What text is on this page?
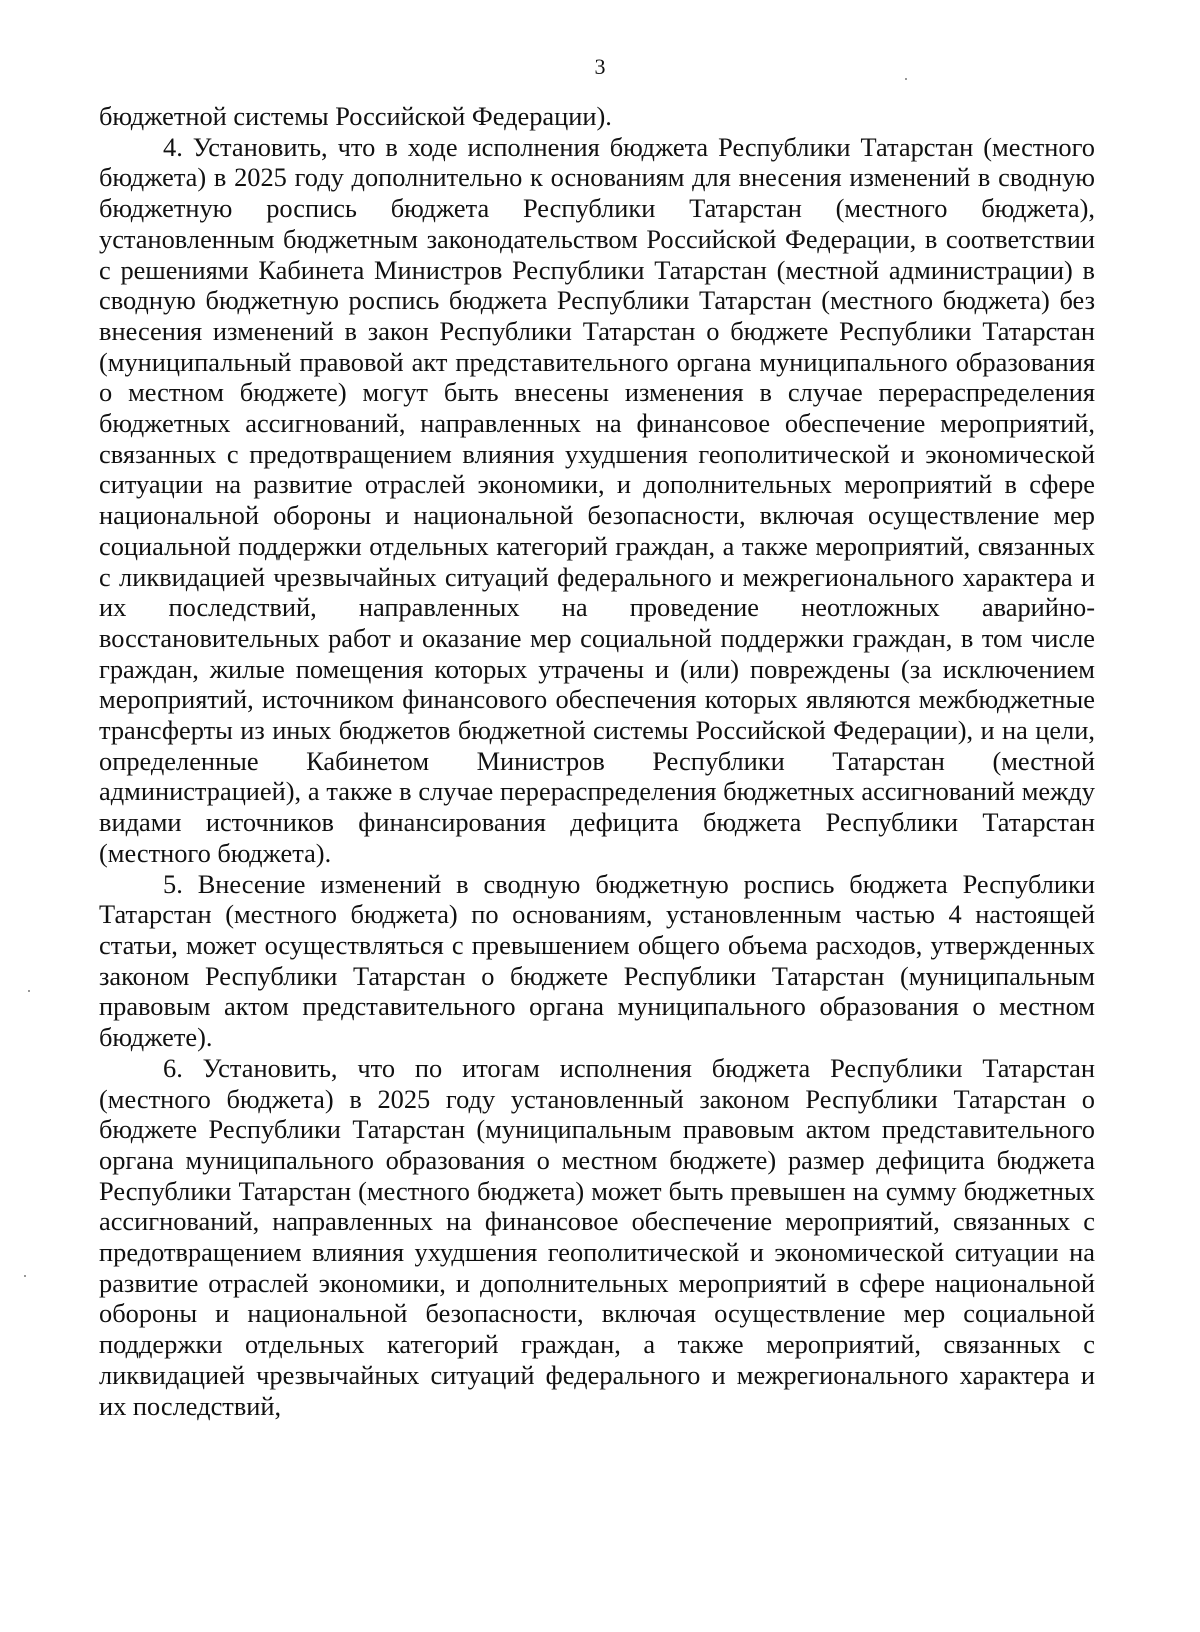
3

бюджетной системы Российской Федерации).

4. Установить, что в ходе исполнения бюджета Республики Татарстан (местного бюджета) в 2025 году дополнительно к основаниям для внесения изменений в сводную бюджетную роспись бюджета Республики Татарстан (местного бюджета), установленным бюджетным законодательством Российской Федерации, в соответствии с решениями Кабинета Министров Республики Татарстан (местной администрации) в сводную бюджетную роспись бюджета Республики Татарстан (местного бюджета) без внесения изменений в закон Республики Татарстан о бюджете Республики Татарстан (муниципальный правовой акт представительного органа муниципального образования о местном бюджете) могут быть внесены изменения в случае перераспределения бюджетных ассигнований, направленных на финансовое обеспечение мероприятий, связанных с предотвращением влияния ухудшения геополитической и экономической ситуации на развитие отраслей экономики, и дополнительных мероприятий в сфере национальной обороны и национальной безопасности, включая осуществление мер социальной поддержки отдельных категорий граждан, а также мероприятий, связанных с ликвидацией чрезвычайных ситуаций федерального и межрегионального характера и их последствий, направленных на проведение неотложных аварийно-восстановительных работ и оказание мер социальной поддержки граждан, в том числе граждан, жилые помещения которых утрачены и (или) повреждены (за исключением мероприятий, источником финансового обеспечения которых являются межбюджетные трансферты из иных бюджетов бюджетной системы Российской Федерации), и на цели, определенные Кабинетом Министров Республики Татарстан (местной администрацией), а также в случае перераспределения бюджетных ассигнований между видами источников финансирования дефицита бюджета Республики Татарстан (местного бюджета).

5. Внесение изменений в сводную бюджетную роспись бюджета Республики Татарстан (местного бюджета) по основаниям, установленным частью 4 настоящей статьи, может осуществляться с превышением общего объема расходов, утвержденных законом Республики Татарстан о бюджете Республики Татарстан (муниципальным правовым актом представительного органа муниципального образования о местном бюджете).

6. Установить, что по итогам исполнения бюджета Республики Татарстан (местного бюджета) в 2025 году установленный законом Республики Татарстан о бюджете Республики Татарстан (муниципальным правовым актом представительного органа муниципального образования о местном бюджете) размер дефицита бюджета Республики Татарстан (местного бюджета) может быть превышен на сумму бюджетных ассигнований, направленных на финансовое обеспечение мероприятий, связанных с предотвращением влияния ухудшения геополитической и экономической ситуации на развитие отраслей экономики, и дополнительных мероприятий в сфере национальной обороны и национальной безопасности, включая осуществление мер социальной поддержки отдельных категорий граждан, а также мероприятий, связанных с ликвидацией чрезвычайных ситуаций федерального и межрегионального характера и их последствий,
